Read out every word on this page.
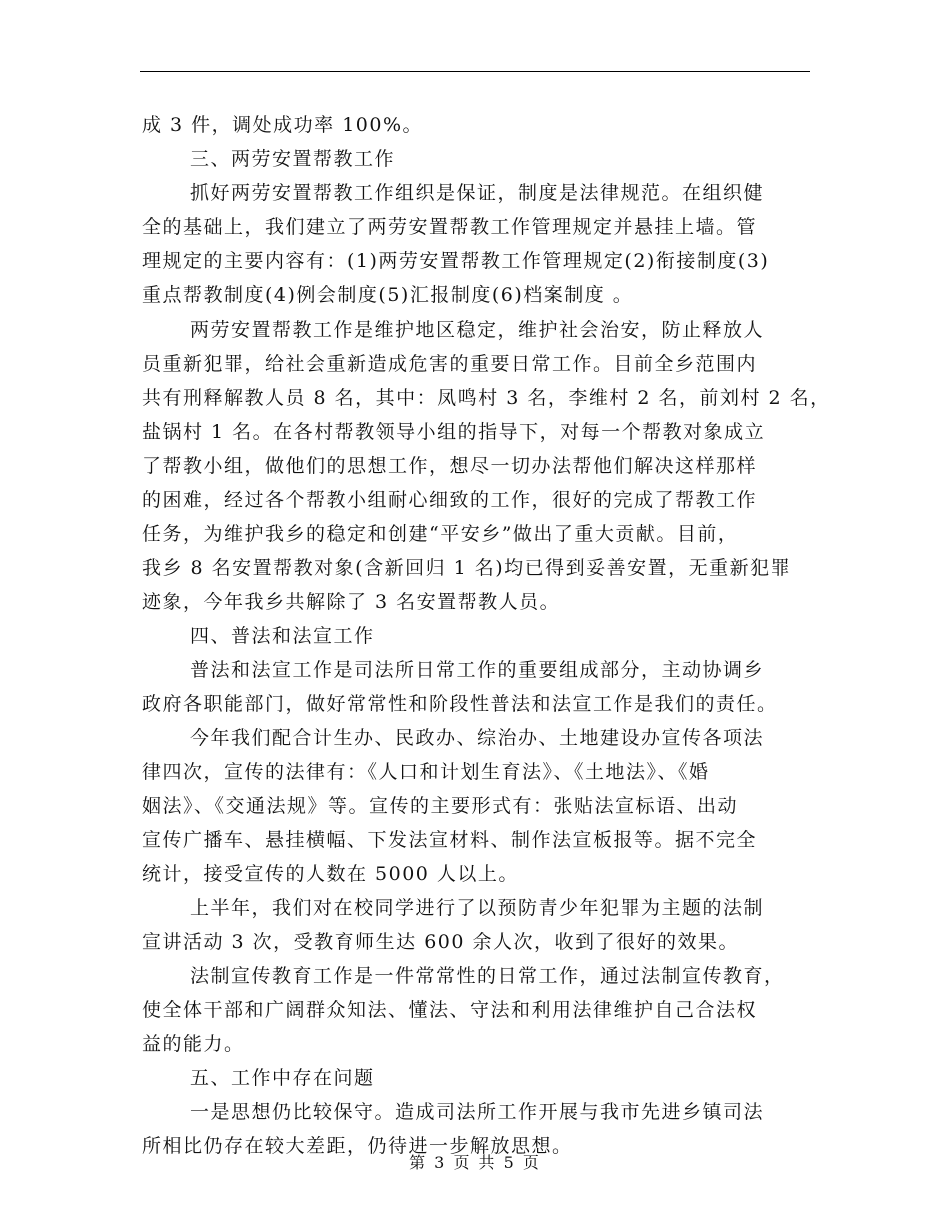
成 3 件，调处成功率 100%。
三、两劳安置帮教工作
抓好两劳安置帮教工作组织是保证，制度是法律规范。在组织健
全的基础上，我们建立了两劳安置帮教工作管理规定并悬挂上墙。管
理规定的主要内容有：(1)两劳安置帮教工作管理规定(2)衔接制度(3)
重点帮教制度(4)例会制度(5)汇报制度(6)档案制度 。
两劳安置帮教工作是维护地区稳定，维护社会治安，防止释放人
员重新犯罪，给社会重新造成危害的重要日常工作。目前全乡范围内
共有刑释解教人员 8 名，其中：凤鸣村 3 名，李维村 2 名，前刘村 2 名，
盐锅村 1 名。在各村帮教领导小组的指导下，对每一个帮教对象成立
了帮教小组，做他们的思想工作，想尽一切办法帮他们解决这样那样
的困难，经过各个帮教小组耐心细致的工作，很好的完成了帮教工作
任务，为维护我乡的稳定和创建“平安乡”做出了重大贡献。目前，
我乡 8 名安置帮教对象(含新回归 1 名)均已得到妥善安置，无重新犯罪
迹象，今年我乡共解除了 3 名安置帮教人员。
四、普法和法宣工作
普法和法宣工作是司法所日常工作的重要组成部分，主动协调乡
政府各职能部门，做好常常性和阶段性普法和法宣工作是我们的责任。
今年我们配合计生办、民政办、综治办、土地建设办宣传各项法
律四次，宣传的法律有：《人口和计划生育法》、《土地法》、《婚
姻法》、《交通法规》等。宣传的主要形式有：张贴法宣标语、出动
宣传广播车、悬挂横幅、下发法宣材料、制作法宣板报等。据不完全
统计，接受宣传的人数在 5000 人以上。
上半年，我们对在校同学进行了以预防青少年犯罪为主题的法制
宣讲活动 3 次，受教育师生达 600 余人次，收到了很好的效果。
法制宣传教育工作是一件常常性的日常工作，通过法制宣传教育，
使全体干部和广阔群众知法、懂法、守法和利用法律维护自己合法权
益的能力。
五、工作中存在问题
一是思想仍比较保守。造成司法所工作开展与我市先进乡镇司法
所相比仍存在较大差距，仍待进一步解放思想。
第 3 页 共 5 页
